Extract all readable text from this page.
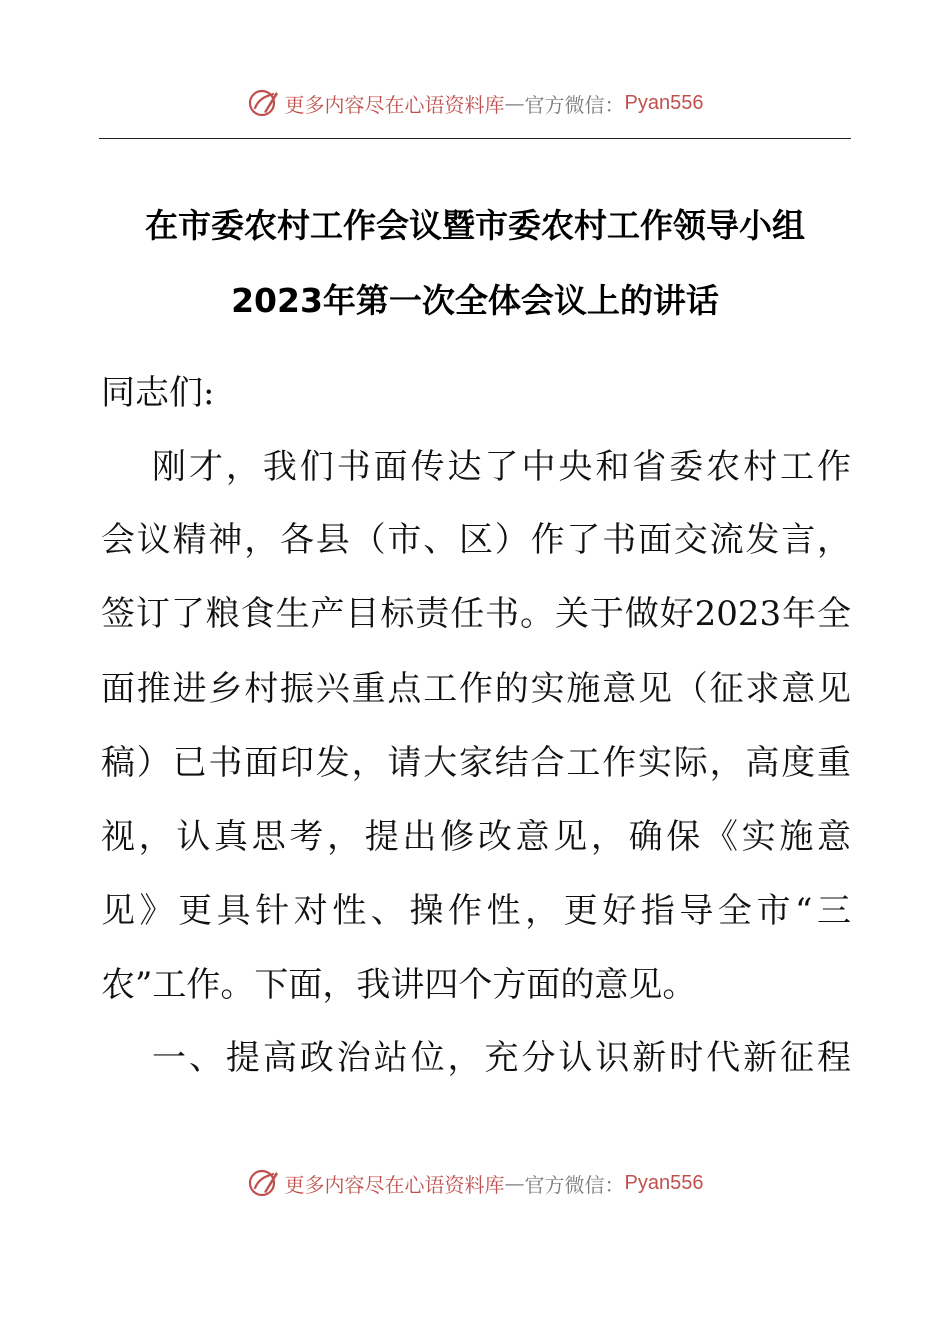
更多内容尽在心语资料库 — 官方微信： Pyan556
在市委农村工作会议暨市委农村工作领导小组
2023年第一次全体会议上的讲话
同志们:
刚才，我们书面传达了中央和省委农村工作
会议精神，各县（市、区）作了书面交流发言，
签订了粮食生产目标责任书。关于做好2023年全
面推进乡村振兴重点工作的实施意见（征求意见
稿）已书面印发，请大家结合工作实际，高度重
视，认真思考，提出修改意见，确保《实施意
见》更具针对性、操作性，更好指导全市“三
农”工作。下面，我讲四个方面的意见。
一、提高政治站位，充分认识新时代新征程
更多内容尽在心语资料库 — 官方微信： Pyan556
